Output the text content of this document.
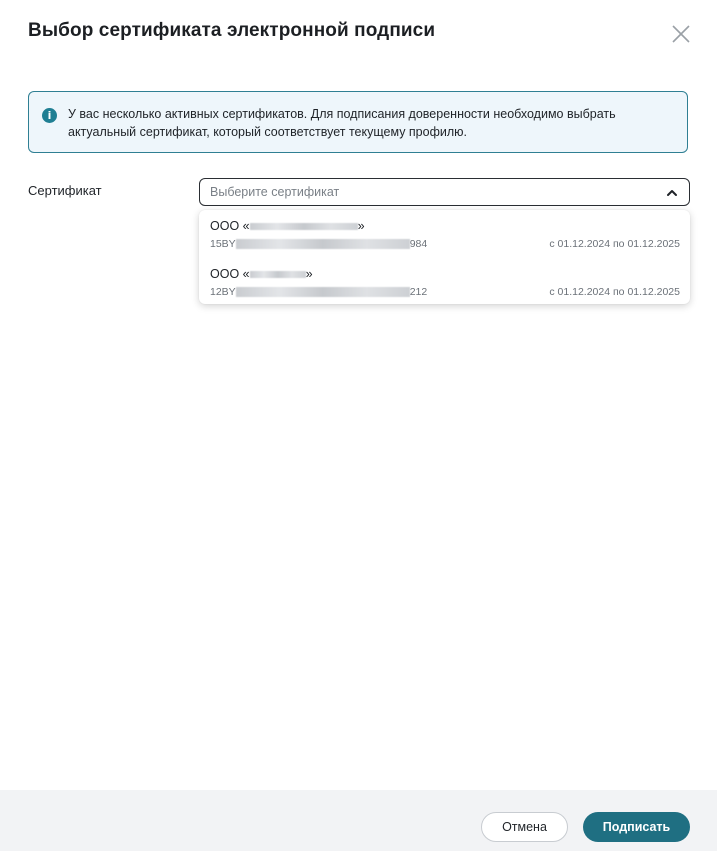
Выбор сертификата электронной подписи
i	У вас несколько активных сертификатов. Для подписания доверенности необходимо выбрать актуальный сертификат, который соответствует текущему профилю.
Сертификат	Выберите сертификат
ООО «	»
15BY	984	с 01.12.2024 по 01.12.2025
ООО «	»
12BY	212	с 01.12.2024 по 01.12.2025
Отмена	Подписать
